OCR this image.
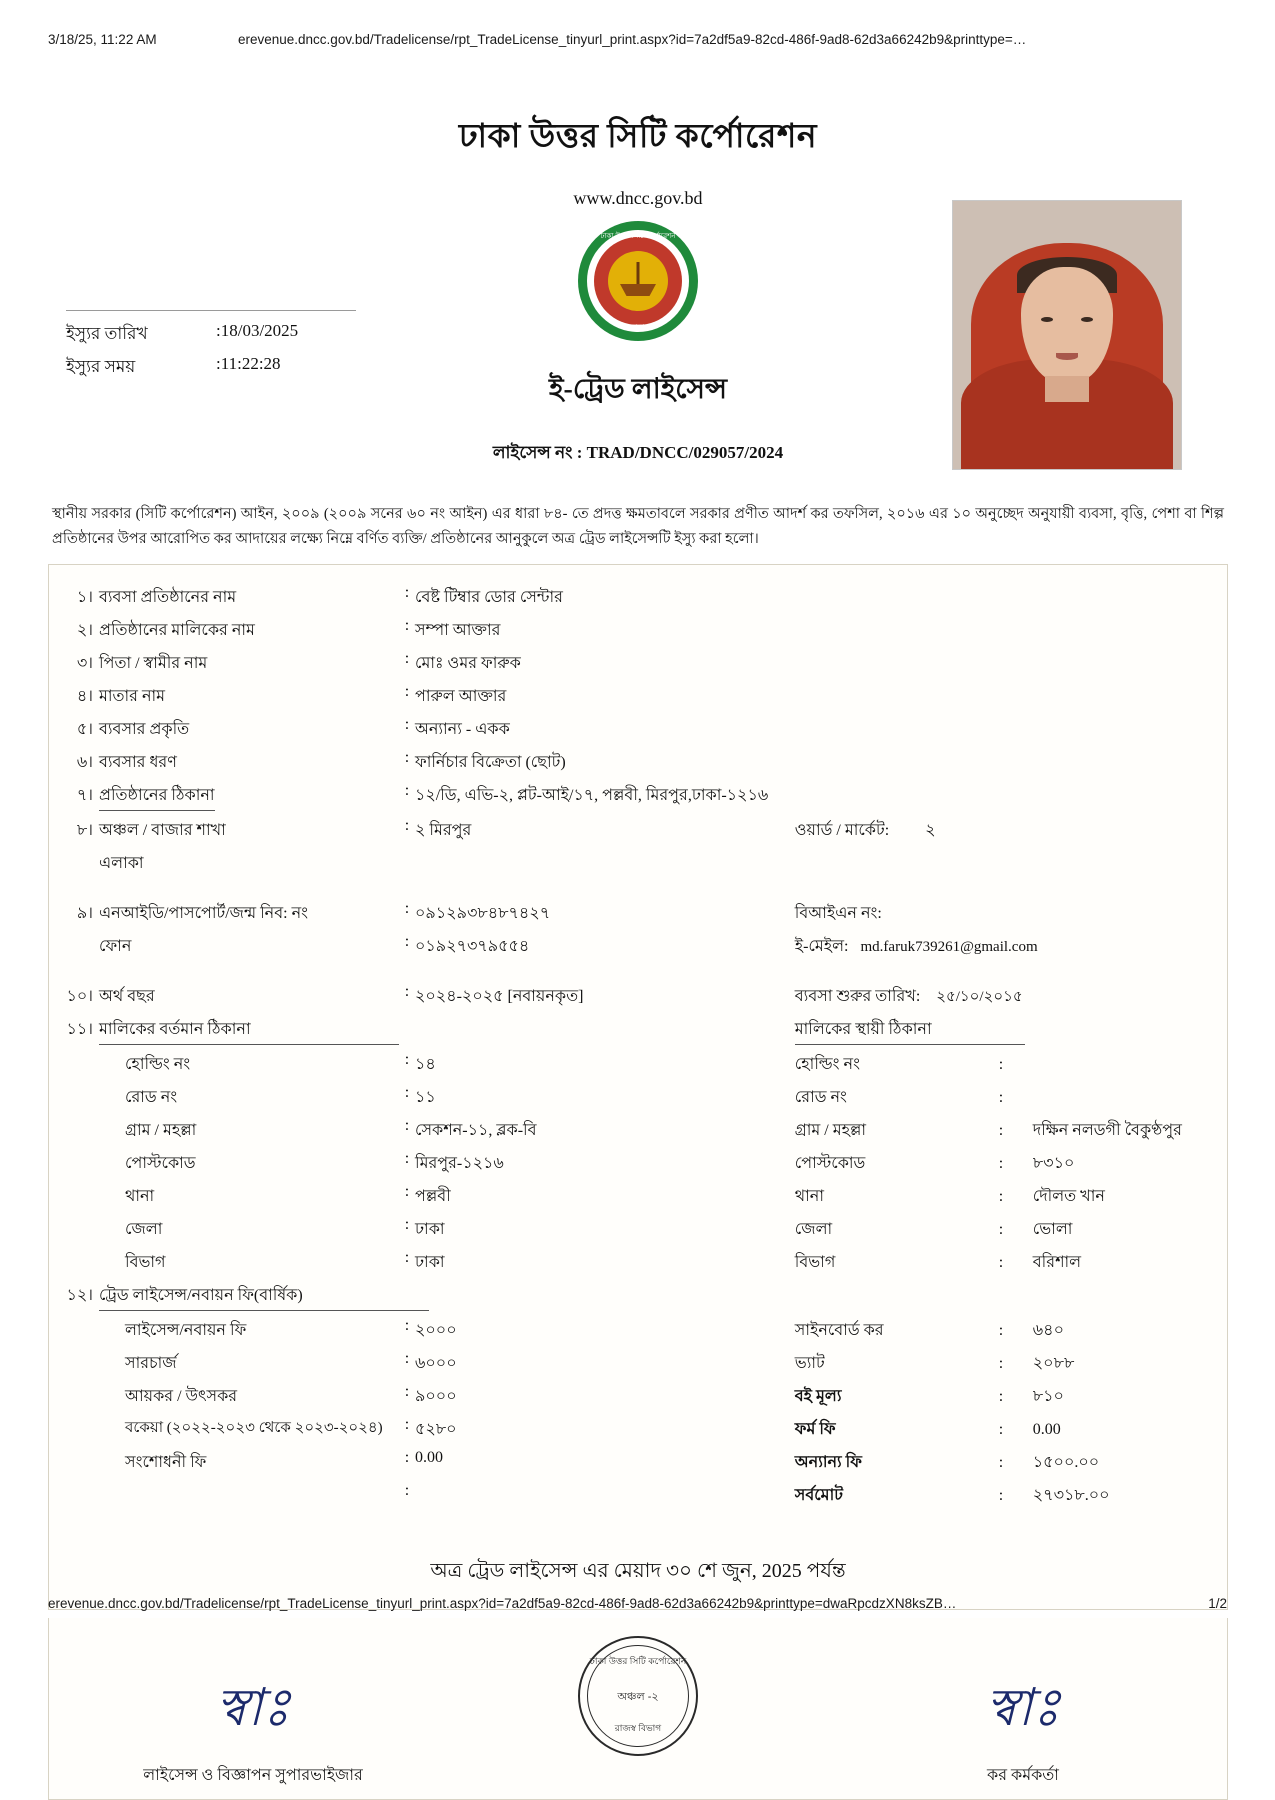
3/18/25, 11:22 AM	erevenue.dncc.gov.bd/Tradelicense/rpt_TradeLicense_tinyurl_print.aspx?id=7a2df5a9-82cd-486f-9ad8-62d3a66242b9&printtype=…
ঢাকা উত্তর সিটি কর্পোরেশন
www.dncc.gov.bd
ঢাকা উত্তর সিটি কর্পোরেশন
ঢাকা
ই-ট্রেড লাইসেন্স
লাইসেন্স নং : TRAD/DNCC/029057/2024
ইস্যুর তারিখ	:18/03/2025
ইস্যুর সময়	:11:22:28
স্থানীয় সরকার (সিটি কর্পোরেশন) আইন, ২০০৯ (২০০৯ সনের ৬০ নং আইন) এর ধারা ৮৪- তে প্রদত্ত ক্ষমতাবলে সরকার প্রণীত আদর্শ কর তফসিল, ২০১৬ এর ১০ অনুচ্ছেদ অনুযায়ী ব্যবসা, বৃত্তি, পেশা বা শিল্প প্রতিষ্ঠানের উপর আরোপিত কর আদায়ের লক্ষ্যে নিম্নে বর্ণিত ব্যক্তি/ প্রতিষ্ঠানের আনুকুলে অত্র ট্রেড লাইসেন্সটি ইস্যু করা হলো।
১।	ব্যবসা প্রতিষ্ঠানের নাম	:	বেষ্ট টিম্বার ডোর সেন্টার	
২।	প্রতিষ্ঠানের মালিকের নাম	:	সম্পা আক্তার	
৩।	পিতা / স্বামীর নাম	:	মোঃ ওমর ফারুক	
৪।	মাতার নাম	:	পারুল আক্তার	
৫।	ব্যবসার প্রকৃতি	:	অন্যান্য - একক	
৬।	ব্যবসার ধরণ	:	ফার্নিচার বিক্রেতা (ছোট)	
৭।	প্রতিষ্ঠানের ঠিকানা	:	১২/ডি, এভি-২, প্লট-আই/১৭, পল্লবী, মিরপুর,ঢাকা-১২১৬	
৮।	অঞ্চল / বাজার শাখা	:	২ মিরপুর	ওয়ার্ড / মার্কেট: ২
	এলাকা			
৯।	এনআইডি/পাসপোর্ট/জন্ম নিব: নং	:	০৯১২৯৩৮৪৮৭৪২৭	বিআইএন নং:
	ফোন	:	০১৯২৭৩৭৯৫৫৪	ই-মেইল: md.faruk739261@gmail.com
১০।	অর্থ বছর	:	২০২৪-২০২৫ [নবায়নকৃত]	ব্যবসা শুরুর তারিখ: ২৫/১০/২০১৫
১১।	মালিকের বর্তমান ঠিকানা			মালিকের স্থায়ী ঠিকানা
	হোল্ডিং নং	:	১৪	হোল্ডিং নং :
	রোড নং	:	১১	রোড নং :
	গ্রাম / মহল্লা	:	সেকশন-১১, ব্লক-বি	গ্রাম / মহল্লা : দক্ষিন নলডগী বৈকুণ্ঠপুর
	পোস্টকোড	:	মিরপুর-১২১৬	পোস্টকোড : ৮৩১০
	থানা	:	পল্লবী	থানা : দৌলত খান
	জেলা	:	ঢাকা	জেলা : ভোলা
	বিভাগ	:	ঢাকা	বিভাগ : বরিশাল
১২।	ট্রেড লাইসেন্স/নবায়ন ফি(বার্ষিক)			
	লাইসেন্স/নবায়ন ফি	:	২০০০	সাইনবোর্ড কর : ৬৪০
	সারচার্জ	:	৬০০০	ভ্যাট : ২০৮৮
	আয়কর / উৎসকর	:	৯০০০	বই মূল্য : ৮১০
	বকেয়া (২০২২-২০২৩ থেকে ২০২৩-২০২৪)	:	৫২৮০	ফর্ম ফি : 0.00
	সংশোধনী ফি	:	0.00	অন্যান্য ফি : ১৫০০.০০
		:		সর্বমোট : ২৭৩১৮.০০
অত্র ট্রেড লাইসেন্স এর মেয়াদ ৩০ শে জুন, 2025 পর্যন্ত
ঢাকা উত্তর সিটি কর্পোরেশন
অঞ্চল -২
রাজস্ব বিভাগ
স্বাঃ
লাইসেন্স ও বিজ্ঞাপন সুপারভাইজার
স্বাঃ
কর কর্মকর্তা
erevenue.dncc.gov.bd/Tradelicense/rpt_TradeLicense_tinyurl_print.aspx?id=7a2df5a9-82cd-486f-9ad8-62d3a66242b9&printtype=dwaRpcdzXN8ksZB…	1/2
